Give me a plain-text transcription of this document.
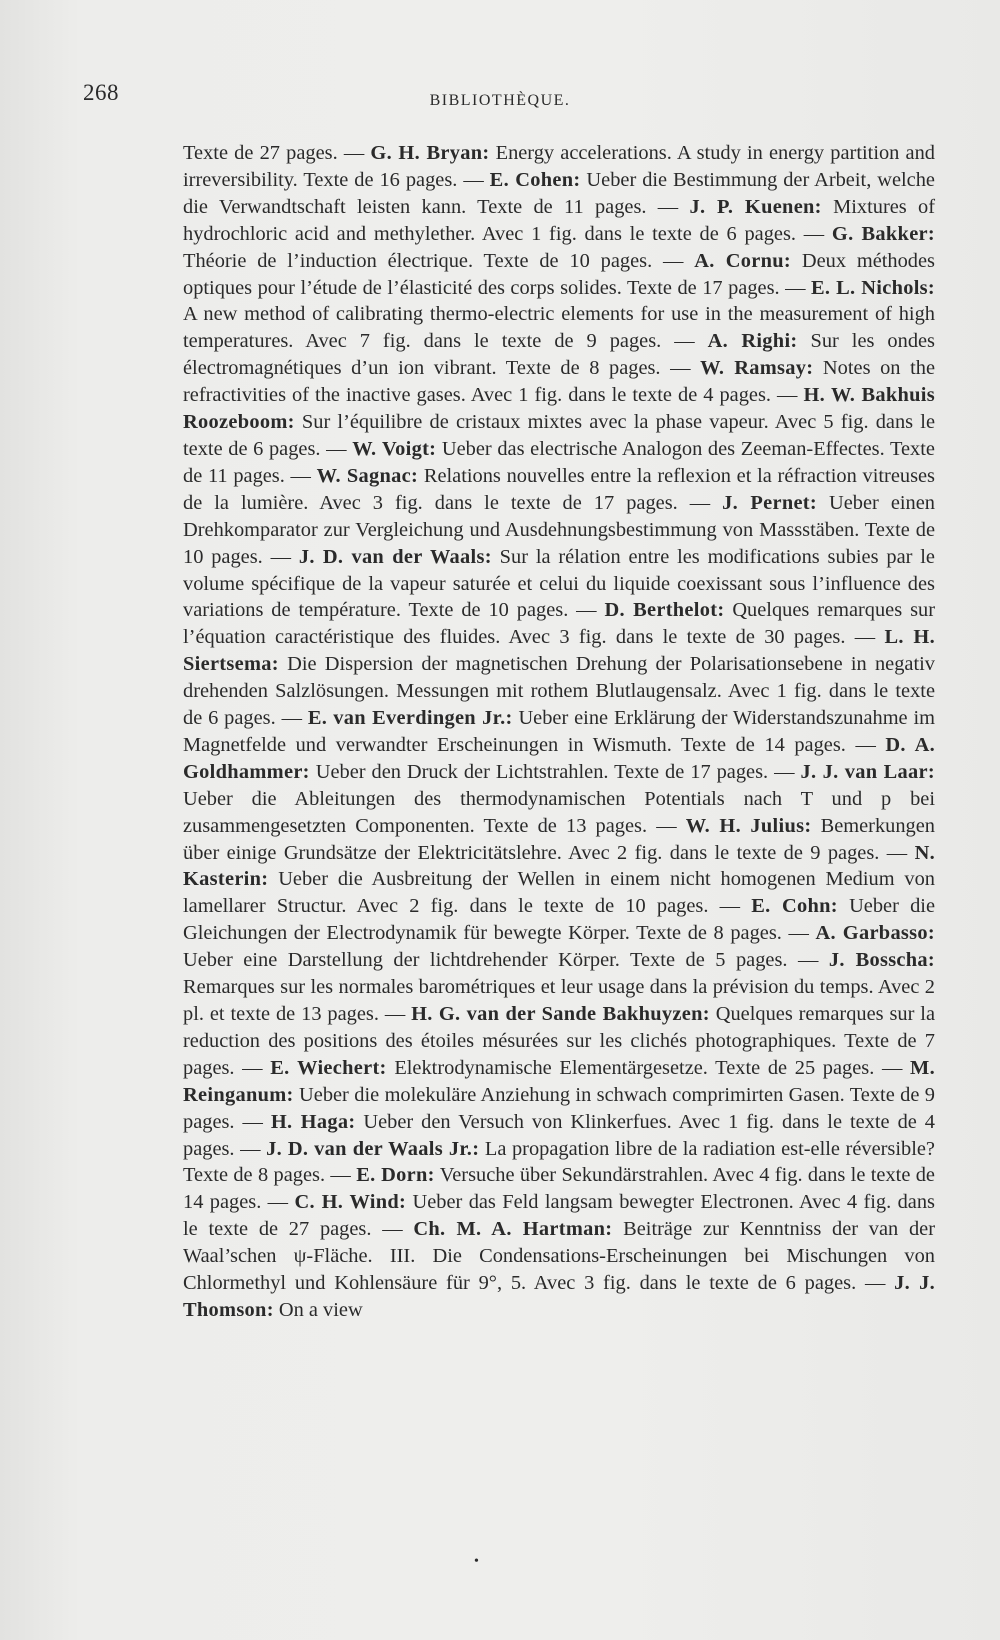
268	BIBLIOTHÈQUE.
Texte de 27 pages. — G. H. Bryan: Energy accelerations. A study in energy partition and irreversibility. Texte de 16 pages. — E. Cohen: Ueber die Bestimmung der Arbeit, welche die Verwandtschaft leisten kann. Texte de 11 pages. — J. P. Kuenen: Mixtures of hydrochloric acid and methylether. Avec 1 fig. dans le texte de 6 pages. — G. Bakker: Théorie de l’induction électrique. Texte de 10 pages. — A. Cornu: Deux méthodes optiques pour l’étude de l’élasticité des corps solides. Texte de 17 pages. — E. L. Nichols: A new method of calibrating thermo-electric elements for use in the measurement of high temperatures. Avec 7 fig. dans le texte de 9 pages. — A. Righi: Sur les ondes électromagnétiques d’un ion vibrant. Texte de 8 pages. — W. Ramsay: Notes on the refractivities of the inactive gases. Avec 1 fig. dans le texte de 4 pages. — H. W. Bakhuis Roozeboom: Sur l’équilibre de cristaux mixtes avec la phase vapeur. Avec 5 fig. dans le texte de 6 pages. — W. Voigt: Ueber das electrische Analogon des Zeeman-Effectes. Texte de 11 pages. — W. Sagnac: Relations nouvelles entre la reflexion et la réfraction vitreuses de la lumière. Avec 3 fig. dans le texte de 17 pages. — J. Pernet: Ueber einen Drehkomparator zur Vergleichung und Ausdehnungsbestimmung von Massstäben. Texte de 10 pages. — J. D. van der Waals: Sur la rélation entre les modifications subies par le volume spécifique de la vapeur saturée et celui du liquide coexissant sous l’influence des variations de température. Texte de 10 pages. — D. Berthelot: Quelques remarques sur l’équation caractéristique des fluides. Avec 3 fig. dans le texte de 30 pages. — L. H. Siertsema: Die Dispersion der magnetischen Drehung der Polarisationsebene in negativ drehenden Salzlösungen. Messungen mit rothem Blutlaugensalz. Avec 1 fig. dans le texte de 6 pages. — E. van Everdingen Jr.: Ueber eine Erklärung der Widerstandszunahme im Magnetfelde und verwandter Erscheinungen in Wismuth. Texte de 14 pages. — D. A. Goldhammer: Ueber den Druck der Lichtstrahlen. Texte de 17 pages. — J. J. van Laar: Ueber die Ableitungen des thermodynamischen Potentials nach T und p bei zusammengesetzten Componenten. Texte de 13 pages. — W. H. Julius: Bemerkungen über einige Grundsätze der Elektricitätslehre. Avec 2 fig. dans le texte de 9 pages. — N. Kasterin: Ueber die Ausbreitung der Wellen in einem nicht homogenen Medium von lamellarer Structur. Avec 2 fig. dans le texte de 10 pages. — E. Cohn: Ueber die Gleichungen der Electrodynamik für bewegte Körper. Texte de 8 pages. — A. Garbasso: Ueber eine Darstellung der lichtdrehender Körper. Texte de 5 pages. — J. Bosscha: Remarques sur les normales barométriques et leur usage dans la prévision du temps. Avec 2 pl. et texte de 13 pages. — H. G. van der Sande Bakhuyzen: Quelques remarques sur la reduction des positions des étoiles mésurées sur les clichés photographiques. Texte de 7 pages. — E. Wiechert: Elektrodynamische Elementärgesetze. Texte de 25 pages. — M. Reinganum: Ueber die molekuläre Anziehung in schwach comprimirten Gasen. Texte de 9 pages. — H. Haga: Ueber den Versuch von Klinkerfues. Avec 1 fig. dans le texte de 4 pages. — J. D. van der Waals Jr.: La propagation libre de la radiation est-elle réversible? Texte de 8 pages. — E. Dorn: Versuche über Sekundärstrahlen. Avec 4 fig. dans le texte de 14 pages. — C. H. Wind: Ueber das Feld langsam bewegter Electronen. Avec 4 fig. dans le texte de 27 pages. — Ch. M. A. Hartman: Beiträge zur Kenntniss der van der Waal’schen ψ-Fläche. III. Die Condensations-Erscheinungen bei Mischungen von Chlormethyl und Kohlensäure für 9°, 5. Avec 3 fig. dans le texte de 6 pages. — J. J. Thomson: On a view
•
